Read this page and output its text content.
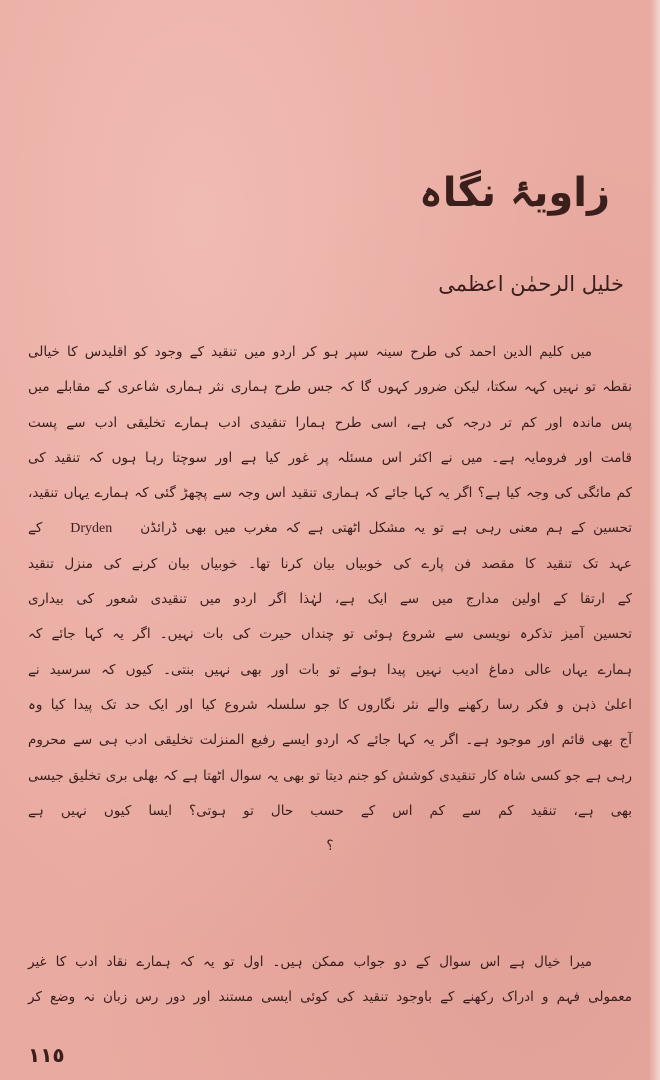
زاویۂ نگاہ
خلیل الرحمٰن اعظمی
میں کلیم الدین احمد کی طرح سینہ سپر ہو کر اردو میں تنقید کے وجود کو اقلیدس کا خیالی
نقطہ تو نہیں کہہ سکتا، لیکن ضرور کہوں گا کہ جس طرح ہماری نثر ہماری شاعری کے مقابلے میں
پس ماندہ اور کم تر درجہ کی ہے، اسی طرح ہمارا تنقیدی ادب ہمارے تخلیقی ادب سے پست
قامت اور فرومایہ ہے۔ میں نے اکثر اس مسئلہ پر غور کیا ہے اور سوچتا رہا ہوں کہ تنقید کی
کم مائگی کی وجہ کیا ہے؟ اگر یہ کہا جائے کہ ہماری تنقید اس وجہ سے پچھڑ گئی کہ ہمارے یہاں تنقید،
تحسین کے ہم معنی رہی ہے تو یہ مشکل اٹھتی ہے کہ مغرب میں بھی ڈرائڈن Dryden کے
عہد تک تنقید کا مقصد فن پارے کی خوبیاں بیان کرنا تھا۔ خوبیاں بیان کرنے کی منزل تنقید
کے ارتقا کے اولین مدارج میں سے ایک ہے، لہٰذا اگر اردو میں تنقیدی شعور کی بیداری
تحسین آمیز تذکرہ نویسی سے شروع ہوئی تو چنداں حیرت کی بات نہیں۔ اگر یہ کہا جائے کہ
ہمارے یہاں عالی دماغ ادیب نہیں پیدا ہوئے تو بات اور بھی نہیں بنتی۔ کیوں کہ سرسید نے
اعلیٰ ذہن و فکر رسا رکھنے والے نثر نگاروں کا جو سلسلہ شروع کیا اور ایک حد تک پیدا کیا وہ
آج بھی قائم اور موجود ہے۔ اگر یہ کہا جائے کہ اردو ایسے رفیع المنزلت تخلیقی ادب ہی سے محروم
رہی ہے جو کسی شاہ کار تنقیدی کوشش کو جنم دیتا تو بھی یہ سوال اٹھتا ہے کہ بھلی بری تخلیق جیسی
بھی ہے، تنقید کم سے کم اس کے حسب حال تو ہوتی؟ ایسا کیوں نہیں ہے
؟
میرا خیال ہے اس سوال کے دو جواب ممکن ہیں۔ اول تو یہ کہ ہمارے نقاد ادب کا غیر
معمولی فہم و ادراک رکھنے کے باوجود تنقید کی کوئی ایسی مستند اور دور رس زبان نہ وضع کر
١١٥
